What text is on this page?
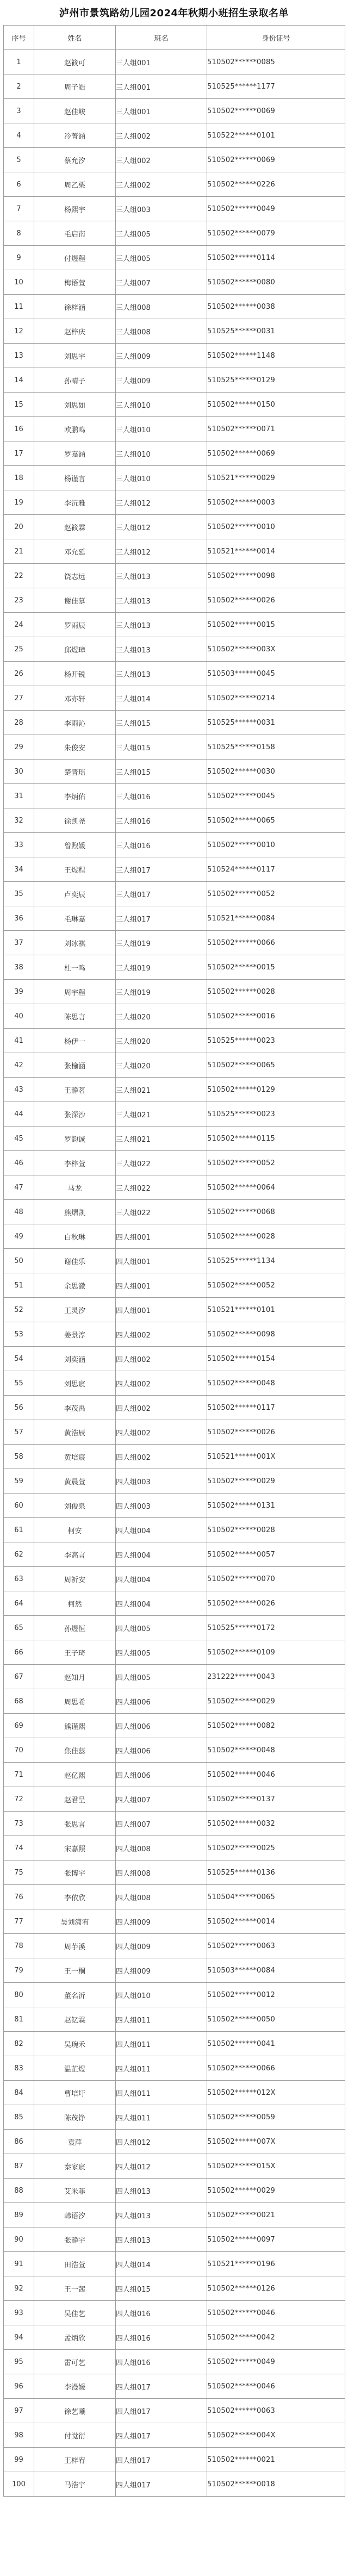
泸州市景筑路幼儿园2024年秋期小班招生录取名单
序号	姓名	班名	身份证号
1	赵筱可	三人组001	510502******0085
2	周子皓	三人组001	510525******1177
3	赵佳峻	三人组001	510502******0069
4	冷菁涵	三人组002	510522******0101
5	蔡允汐	三人组002	510502******0069
6	周乙栗	三人组002	510502******0226
7	杨熙宇	三人组003	510502******0049
8	毛启南	三人组005	510502******0079
9	付煜程	三人组005	510502******0114
10	梅语萱	三人组007	510502******0080
11	徐梓涵	三人组008	510502******0038
12	赵梓庆	三人组008	510525******0031
13	刘思宇	三人组009	510502******1148
14	孙晴子	三人组009	510525******0129
15	刘思如	三人组010	510502******0150
16	欧鹏鸣	三人组010	510502******0071
17	罗嘉涵	三人组010	510502******0069
18	杨谨言	三人组010	510521******0029
19	李沅雅	三人组012	510502******0003
20	赵筱霖	三人组012	510502******0010
21	邓允延	三人组012	510521******0014
22	饶志远	三人组013	510502******0098
23	谢佳慕	三人组013	510502******0026
24	罗雨辰	三人组013	510502******0015
25	邱煜璋	三人组013	510502******003X
26	杨开锐	三人组013	510503******0045
27	邓亦轩	三人组014	510502******0214
28	李雨沁	三人组015	510525******0031
29	朱俊安	三人组015	510525******0158
30	楚晋瑶	三人组015	510502******0030
31	李炳佑	三人组016	510502******0045
32	徐凯尧	三人组016	510502******0065
33	曾煦媛	三人组016	510502******0010
34	王煜程	三人组017	510524******0117
35	卢奕辰	三人组017	510502******0052
36	毛琳嘉	三人组017	510521******0084
37	刘冰祺	三人组019	510502******0066
38	杜一鸣	三人组019	510502******0015
39	周宇程	三人组019	510502******0028
40	陈思言	三人组020	510502******0016
41	杨伊一	三人组020	510525******0023
42	张榆涵	三人组020	510502******0065
43	王静茗	三人组021	510502******0129
44	张深沙	三人组021	510525******0023
45	罗韵诚	三人组021	510502******0115
46	李梓萱	三人组022	510502******0052
47	马龙	三人组022	510502******0064
48	熊熠凯	三人组022	510502******0068
49	白秋琳	四人组001	510502******0028
50	谢佳乐	四人组001	510525******1134
51	余思澈	四人组001	510502******0052
52	王灵汐	四人组001	510521******0101
53	姜景淳	四人组002	510502******0098
54	刘奕涵	四人组002	510502******0154
55	刘思宸	四人组002	510502******0048
56	李茂禹	四人组002	510502******0117
57	黄浩辰	四人组002	510502******0026
58	黄培宸	四人组002	510521******001X
59	黄晨萱	四人组003	510502******0029
60	刘俊泉	四人组003	510502******0131
61	柯安	四人组004	510502******0028
62	李高言	四人组004	510502******0057
63	周祈安	四人组004	510502******0070
64	柯然	四人组004	510502******0026
65	孙煜恒	四人组005	510525******0172
66	王子琦	四人组005	510502******0109
67	赵知月	四人组005	231222******0043
68	周思希	四人组006	510502******0029
69	熊谨熙	四人组006	510502******0082
70	焦佳蕊	四人组006	510502******0048
71	赵亿熙	四人组006	510502******0046
72	赵君呈	四人组007	510502******0137
73	张思言	四人组007	510502******0032
74	宋嘉照	四人组008	510502******0025
75	张博宇	四人组008	510525******0136
76	李依欣	四人组008	510504******0065
77	吴刘潇宥	四人组009	510502******0014
78	周芋溪	四人组009	510502******0063
79	王一桐	四人组009	510503******0084
80	董名沂	四人组010	510502******0012
81	赵钇霖	四人组011	510502******0050
82	吴琬禾	四人组011	510502******0041
83	温芷煜	四人组011	510502******0066
84	曹培圩	四人组011	510502******012X
85	陈茂铮	四人组011	510502******0059
86	袁萍	四人组012	510502******007X
87	秦家宸	四人组012	510502******015X
88	艾米菲	四人组013	510502******0029
89	韩语汐	四人组013	510502******0021
90	张静宇	四人组013	510502******0097
91	田浩萱	四人组014	510521******0196
92	王一茜	四人组015	510502******0126
93	吴佳艺	四人组016	510502******0046
94	孟炳欣	四人组016	510502******0042
95	雷可艺	四人组016	510502******0049
96	李漫媛	四人组017	510502******0046
97	徐艺曦	四人组017	510502******0063
98	付觉衍	四人组017	510502******004X
99	王梓宥	四人组017	510502******0021
100	马浩宇	四人组017	510502******0018
